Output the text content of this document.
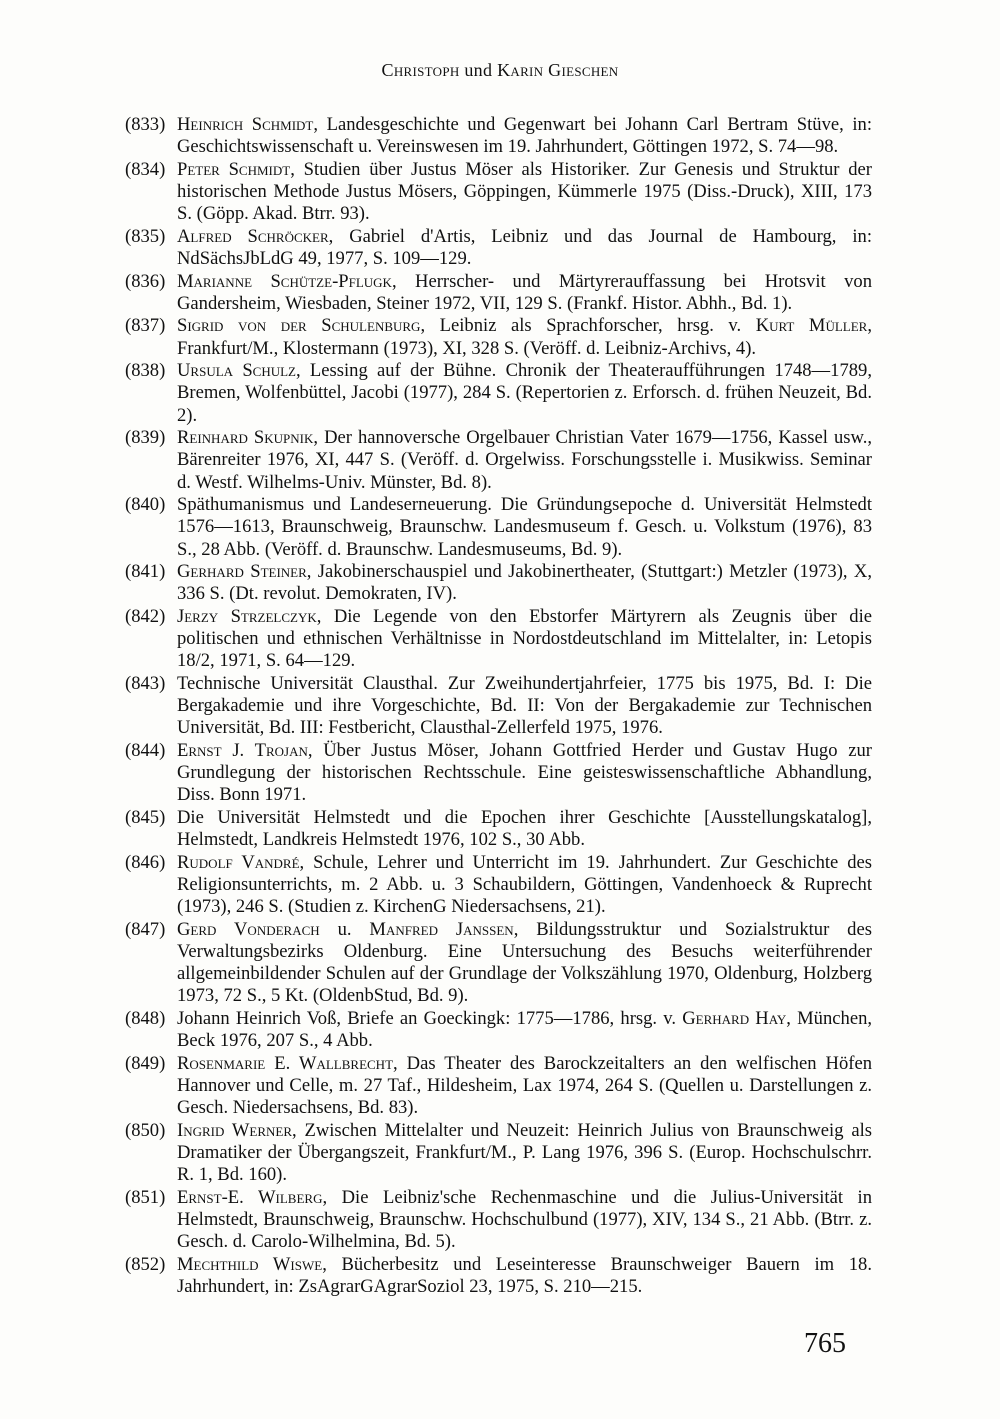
Christoph und Karin Gieschen
(833) Heinrich Schmidt, Landesgeschichte und Gegenwart bei Johann Carl Bertram Stüve, in: Geschichtswissenschaft u. Vereinswesen im 19. Jahrhundert, Göttingen 1972, S. 74—98.
(834) Peter Schmidt, Studien über Justus Möser als Historiker. Zur Genesis und Struktur der historischen Methode Justus Mösers, Göppingen, Kümmerle 1975 (Diss.-Druck), XIII, 173 S. (Göpp. Akad. Btrr. 93).
(835) Alfred Schröcker, Gabriel d'Artis, Leibniz und das Journal de Hambourg, in: NdSächsJbLdG 49, 1977, S. 109—129.
(836) Marianne Schütze-Pflugk, Herrscher- und Märtyrerauffassung bei Hrotsvit von Gandersheim, Wiesbaden, Steiner 1972, VII, 129 S. (Frankf. Histor. Abhh., Bd. 1).
(837) Sigrid von der Schulenburg, Leibniz als Sprachforscher, hrsg. v. Kurt Müller, Frankfurt/M., Klostermann (1973), XI, 328 S. (Veröff. d. Leibniz-Archivs, 4).
(838) Ursula Schulz, Lessing auf der Bühne. Chronik der Theateraufführungen 1748—1789, Bremen, Wolfenbüttel, Jacobi (1977), 284 S. (Repertorien z. Erforsch. d. frühen Neuzeit, Bd. 2).
(839) Reinhard Skupnik, Der hannoversche Orgelbauer Christian Vater 1679—1756, Kassel usw., Bärenreiter 1976, XI, 447 S. (Veröff. d. Orgelwiss. Forschungsstelle i. Musikwiss. Seminar d. Westf. Wilhelms-Univ. Münster, Bd. 8).
(840) Späthumanismus und Landeserneuerung. Die Gründungsepoche d. Universität Helmstedt 1576—1613, Braunschweig, Braunschw. Landesmuseum f. Gesch. u. Volkstum (1976), 83 S., 28 Abb. (Veröff. d. Braunschw. Landesmuseums, Bd. 9).
(841) Gerhard Steiner, Jakobinerschauspiel und Jakobinertheater, (Stuttgart:) Metzler (1973), X, 336 S. (Dt. revolut. Demokraten, IV).
(842) Jerzy Strzelczyk, Die Legende von den Ebstorfer Märtyrern als Zeugnis über die politischen und ethnischen Verhältnisse in Nordostdeutschland im Mittelalter, in: Letopis 18/2, 1971, S. 64—129.
(843) Technische Universität Clausthal. Zur Zweihundertjahrfeier, 1775 bis 1975, Bd. I: Die Bergakademie und ihre Vorgeschichte, Bd. II: Von der Bergakademie zur Technischen Universität, Bd. III: Festbericht, Clausthal-Zellerfeld 1975, 1976.
(844) Ernst J. Trojan, Über Justus Möser, Johann Gottfried Herder und Gustav Hugo zur Grundlegung der historischen Rechtsschule. Eine geisteswissenschaftliche Abhandlung, Diss. Bonn 1971.
(845) Die Universität Helmstedt und die Epochen ihrer Geschichte [Ausstellungskatalog], Helmstedt, Landkreis Helmstedt 1976, 102 S., 30 Abb.
(846) Rudolf Vandré, Schule, Lehrer und Unterricht im 19. Jahrhundert. Zur Geschichte des Religionsunterrichts, m. 2 Abb. u. 3 Schaubildern, Göttingen, Vandenhoeck & Ruprecht (1973), 246 S. (Studien z. KirchenG Niedersachsens, 21).
(847) Gerd Vonderach u. Manfred Janssen, Bildungsstruktur und Sozialstruktur des Verwaltungsbezirks Oldenburg. Eine Untersuchung des Besuchs weiterführender allgemeinbildender Schulen auf der Grundlage der Volkszählung 1970, Oldenburg, Holzberg 1973, 72 S., 5 Kt. (OldenbStud, Bd. 9).
(848) Johann Heinrich Voß, Briefe an Goeckingk: 1775—1786, hrsg. v. Gerhard Hay, München, Beck 1976, 207 S., 4 Abb.
(849) Rosenmarie E. Wallbrecht, Das Theater des Barockzeitalters an den welfischen Höfen Hannover und Celle, m. 27 Taf., Hildesheim, Lax 1974, 264 S. (Quellen u. Darstellungen z. Gesch. Niedersachsens, Bd. 83).
(850) Ingrid Werner, Zwischen Mittelalter und Neuzeit: Heinrich Julius von Braunschweig als Dramatiker der Übergangszeit, Frankfurt/M., P. Lang 1976, 396 S. (Europ. Hochschulschrr. R. 1, Bd. 160).
(851) Ernst-E. Wilberg, Die Leibniz'sche Rechenmaschine und die Julius-Universität in Helmstedt, Braunschweig, Braunschw. Hochschulbund (1977), XIV, 134 S., 21 Abb. (Btrr. z. Gesch. d. Carolo-Wilhelmina, Bd. 5).
(852) Mechthild Wiswe, Bücherbesitz und Leseinteresse Braunschweiger Bauern im 18. Jahrhundert, in: ZsAgrarGAgrarSoziol 23, 1975, S. 210—215.
765
